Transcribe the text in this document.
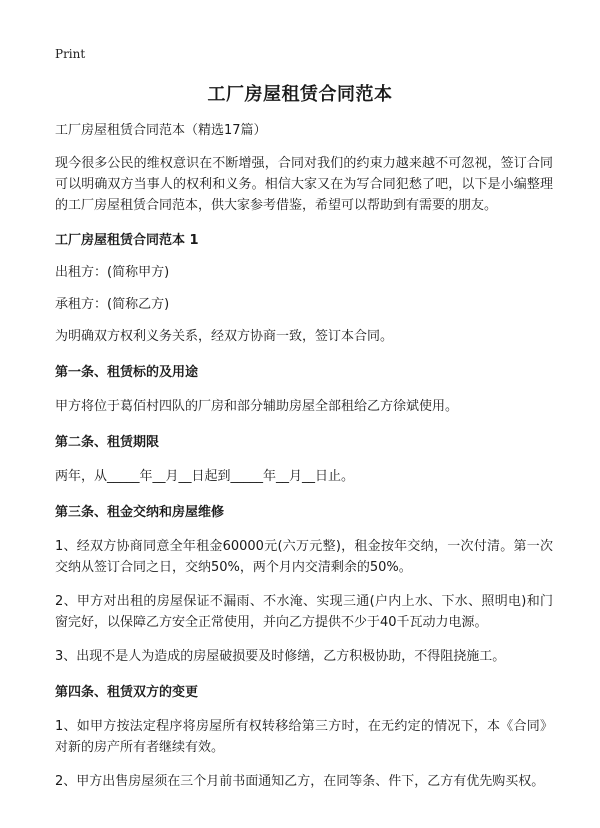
Print
工厂房屋租赁合同范本

工厂房屋租赁合同范本（精选17篇）

现今很多公民的维权意识在不断增强，合同对我们的约束力越来越不可忽视，签订合同可以明确双方当事人的权利和义务。相信大家又在为写合同犯愁了吧，以下是小编整理的工厂房屋租赁合同范本，供大家参考借鉴，希望可以帮助到有需要的朋友。

工厂房屋租赁合同范本 1

出租方：(简称甲方)

承租方：(简称乙方)

为明确双方权利义务关系，经双方协商一致，签订本合同。

第一条、租赁标的及用途

甲方将位于葛佰村四队的厂房和部分辅助房屋全部租给乙方徐斌使用。

第二条、租赁期限

两年，从_____年__月__日起到_____年__月__日止。

第三条、租金交纳和房屋维修

1、经双方协商同意全年租金60000元(六万元整)，租金按年交纳，一次付清。第一次交纳从签订合同之日，交纳50%，两个月内交清剩余的50%。

2、甲方对出租的房屋保证不漏雨、不水淹、实现三通(户内上水、下水、照明电)和门窗完好，以保障乙方安全正常使用，并向乙方提供不少于40千瓦动力电源。

3、出现不是人为造成的房屋破损要及时修缮，乙方积极协助，不得阻挠施工。

第四条、租赁双方的变更

1、如甲方按法定程序将房屋所有权转移给第三方时，在无约定的情况下，本《合同》对新的房产所有者继续有效。

2、甲方出售房屋须在三个月前书面通知乙方，在同等条、件下，乙方有优先购买权。
